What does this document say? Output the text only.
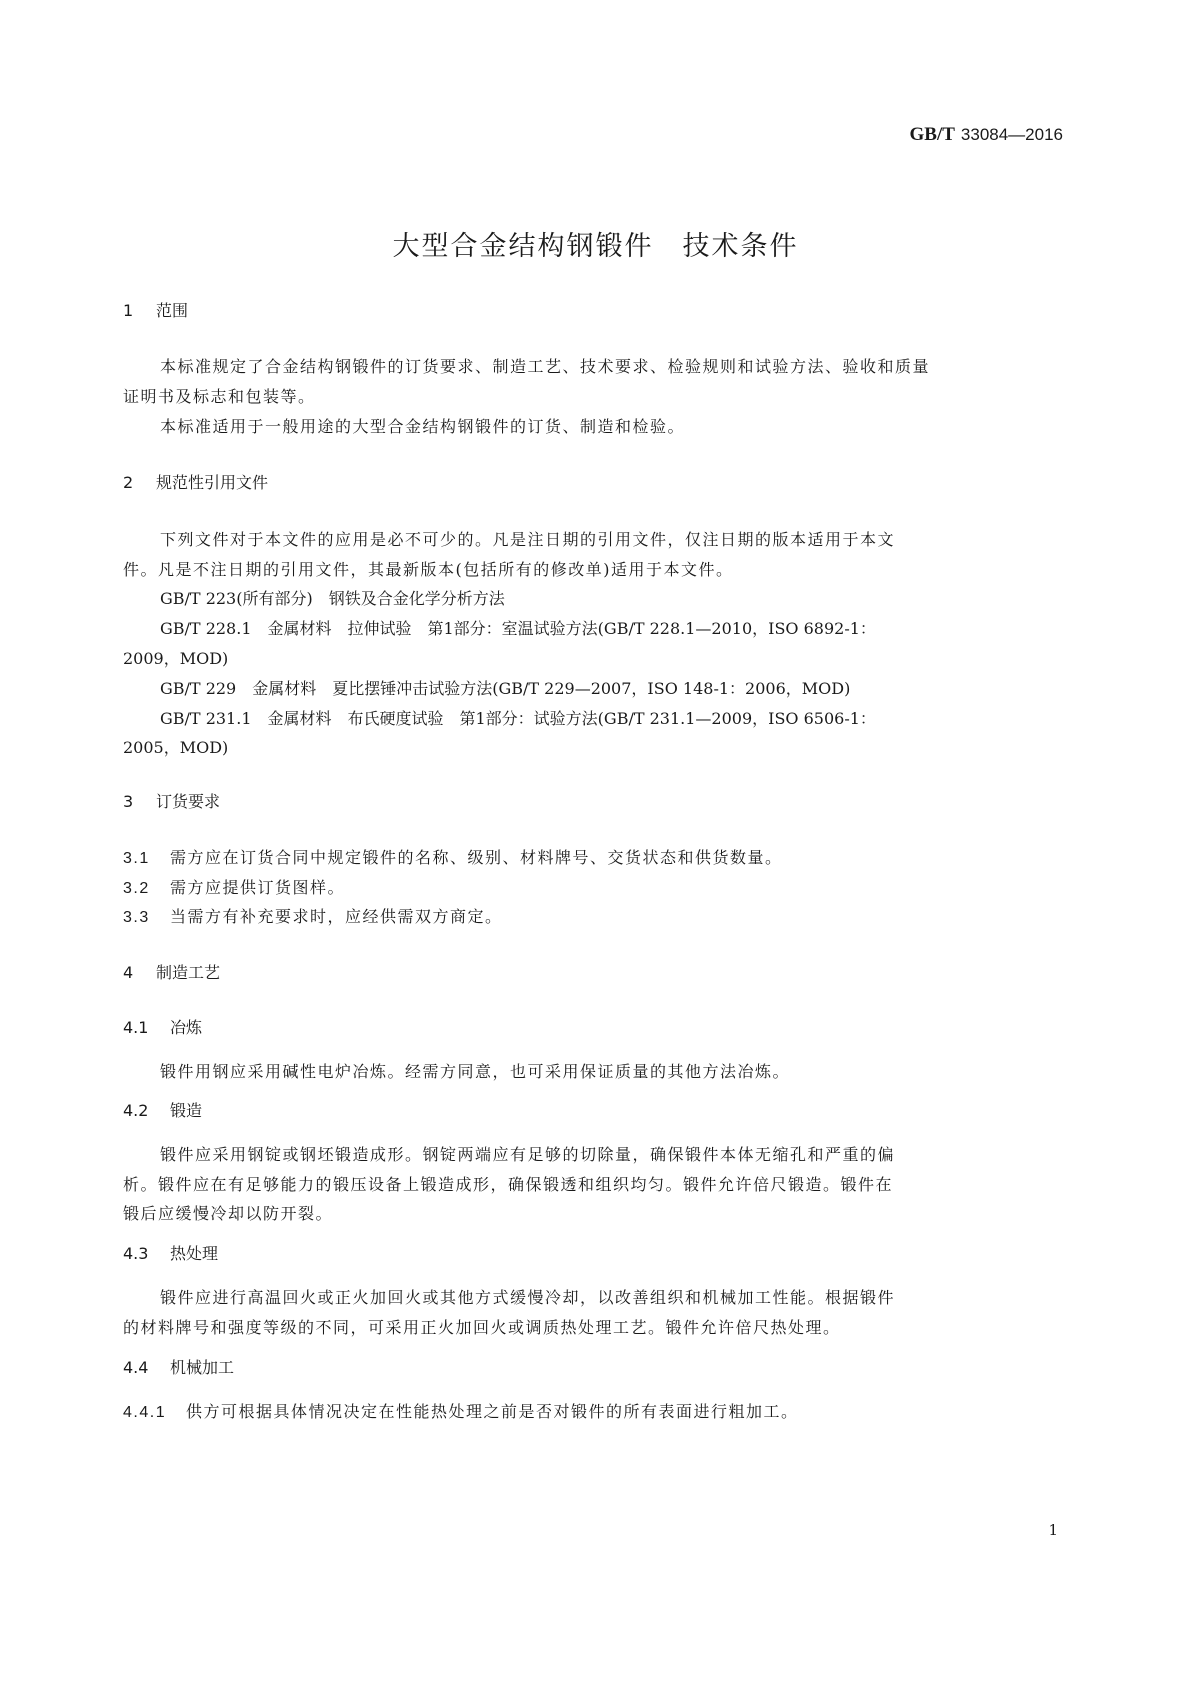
GB/T 33084—2016
大型合金结构钢锻件　技术条件
1 范围
本标准规定了合金结构钢锻件的订货要求、制造工艺、技术要求、检验规则和试验方法、验收和质量
证明书及标志和包装等。
本标准适用于一般用途的大型合金结构钢锻件的订货、制造和检验。
2 规范性引用文件
下列文件对于本文件的应用是必不可少的。凡是注日期的引用文件，仅注日期的版本适用于本文
件。凡是不注日期的引用文件，其最新版本(包括所有的修改单)适用于本文件。
GB/T 223(所有部分)　钢铁及合金化学分析方法
GB/T 228.1　金属材料　拉伸试验　第1部分：室温试验方法(GB/T 228.1—2010，ISO 6892-1：
2009，MOD)
GB/T 229　金属材料　夏比摆锤冲击试验方法(GB/T 229—2007，ISO 148-1：2006，MOD)
GB/T 231.1　金属材料　布氏硬度试验　第1部分：试验方法(GB/T 231.1—2009，ISO 6506-1：
2005，MOD)
3 订货要求
3.1 需方应在订货合同中规定锻件的名称、级别、材料牌号、交货状态和供货数量。
3.2 需方应提供订货图样。
3.3 当需方有补充要求时，应经供需双方商定。
4 制造工艺
4.1 冶炼
锻件用钢应采用碱性电炉冶炼。经需方同意，也可采用保证质量的其他方法冶炼。
4.2 锻造
锻件应采用钢锭或钢坯锻造成形。钢锭两端应有足够的切除量，确保锻件本体无缩孔和严重的偏
析。锻件应在有足够能力的锻压设备上锻造成形，确保锻透和组织均匀。锻件允许倍尺锻造。锻件在
锻后应缓慢冷却以防开裂。
4.3 热处理
锻件应进行高温回火或正火加回火或其他方式缓慢冷却，以改善组织和机械加工性能。根据锻件
的材料牌号和强度等级的不同，可采用正火加回火或调质热处理工艺。锻件允许倍尺热处理。
4.4 机械加工
4.4.1 供方可根据具体情况决定在性能热处理之前是否对锻件的所有表面进行粗加工。
1
